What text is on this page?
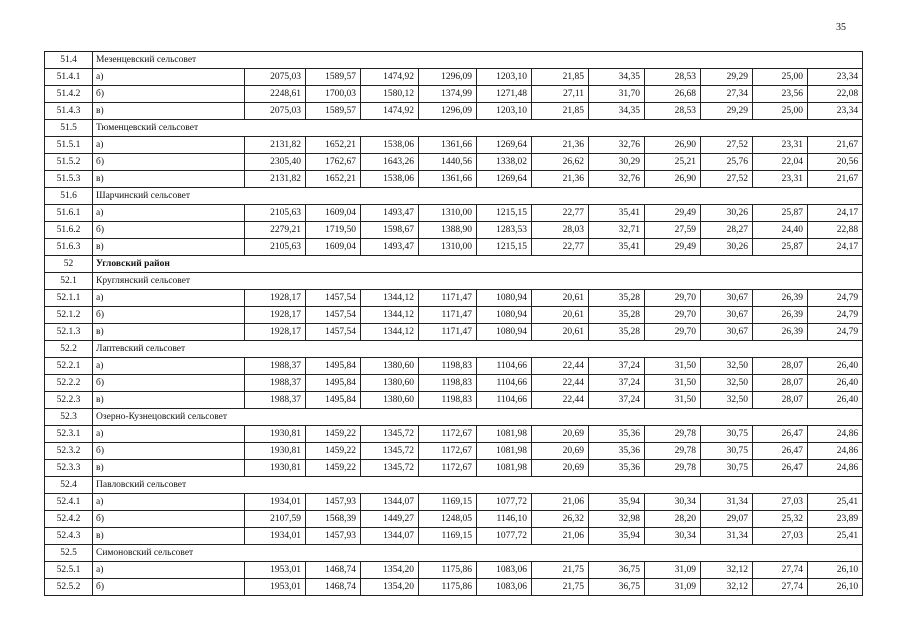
35
51.4	Мезенцевский сельсовет											
51.4.1	а)	2075,03	1589,57	1474,92	1296,09	1203,10	21,85	34,35	28,53	29,29	25,00	23,34
51.4.2	б)	2248,61	1700,03	1580,12	1374,99	1271,48	27,11	31,70	26,68	27,34	23,56	22,08
51.4.3	в)	2075,03	1589,57	1474,92	1296,09	1203,10	21,85	34,35	28,53	29,29	25,00	23,34
51.5	Тюменцевский сельсовет											
51.5.1	а)	2131,82	1652,21	1538,06	1361,66	1269,64	21,36	32,76	26,90	27,52	23,31	21,67
51.5.2	б)	2305,40	1762,67	1643,26	1440,56	1338,02	26,62	30,29	25,21	25,76	22,04	20,56
51.5.3	в)	2131,82	1652,21	1538,06	1361,66	1269,64	21,36	32,76	26,90	27,52	23,31	21,67
51.6	Шарчинский сельсовет											
51.6.1	а)	2105,63	1609,04	1493,47	1310,00	1215,15	22,77	35,41	29,49	30,26	25,87	24,17
51.6.2	б)	2279,21	1719,50	1598,67	1388,90	1283,53	28,03	32,71	27,59	28,27	24,40	22,88
51.6.3	в)	2105,63	1609,04	1493,47	1310,00	1215,15	22,77	35,41	29,49	30,26	25,87	24,17
52	Угловский район											
52.1	Круглянский сельсовет											
52.1.1	а)	1928,17	1457,54	1344,12	1171,47	1080,94	20,61	35,28	29,70	30,67	26,39	24,79
52.1.2	б)	1928,17	1457,54	1344,12	1171,47	1080,94	20,61	35,28	29,70	30,67	26,39	24,79
52.1.3	в)	1928,17	1457,54	1344,12	1171,47	1080,94	20,61	35,28	29,70	30,67	26,39	24,79
52.2	Лаптевский сельсовет											
52.2.1	а)	1988,37	1495,84	1380,60	1198,83	1104,66	22,44	37,24	31,50	32,50	28,07	26,40
52.2.2	б)	1988,37	1495,84	1380,60	1198,83	1104,66	22,44	37,24	31,50	32,50	28,07	26,40
52.2.3	в)	1988,37	1495,84	1380,60	1198,83	1104,66	22,44	37,24	31,50	32,50	28,07	26,40
52.3	Озерно-Кузнецовский сельсовет											
52.3.1	а)	1930,81	1459,22	1345,72	1172,67	1081,98	20,69	35,36	29,78	30,75	26,47	24,86
52.3.2	б)	1930,81	1459,22	1345,72	1172,67	1081,98	20,69	35,36	29,78	30,75	26,47	24,86
52.3.3	в)	1930,81	1459,22	1345,72	1172,67	1081,98	20,69	35,36	29,78	30,75	26,47	24,86
52.4	Павловский сельсовет											
52.4.1	а)	1934,01	1457,93	1344,07	1169,15	1077,72	21,06	35,94	30,34	31,34	27,03	25,41
52.4.2	б)	2107,59	1568,39	1449,27	1248,05	1146,10	26,32	32,98	28,20	29,07	25,32	23,89
52.4.3	в)	1934,01	1457,93	1344,07	1169,15	1077,72	21,06	35,94	30,34	31,34	27,03	25,41
52.5	Симоновский сельсовет											
52.5.1	а)	1953,01	1468,74	1354,20	1175,86	1083,06	21,75	36,75	31,09	32,12	27,74	26,10
52.5.2	б)	1953,01	1468,74	1354,20	1175,86	1083,06	21,75	36,75	31,09	32,12	27,74	26,10
